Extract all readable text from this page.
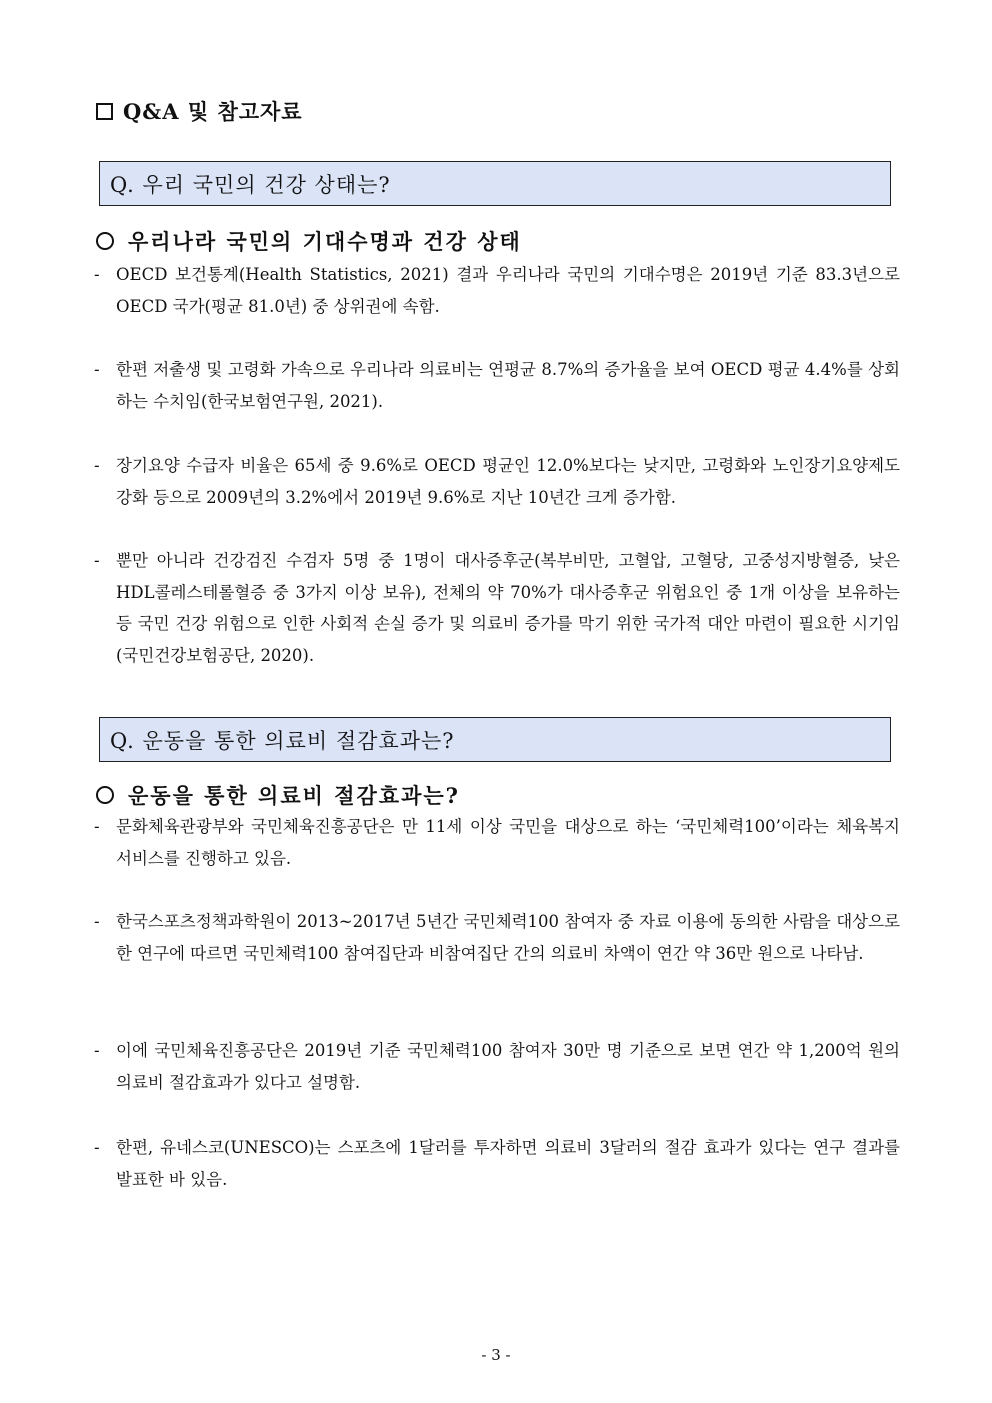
Q&A 및 참고자료
Q. 우리 국민의 건강 상태는?
우리나라 국민의 기대수명과 건강 상태
- OECD 보건통계(Health Statistics, 2021) 결과 우리나라 국민의 기대수명은 2019년 기준 83.3년으로 OECD 국가(평균 81.0년) 중 상위권에 속함.
- 한편 저출생 및 고령화 가속으로 우리나라 의료비는 연평균 8.7%의 증가율을 보여 OECD 평균 4.4%를 상회하는 수치임(한국보험연구원, 2021).
- 장기요양 수급자 비율은 65세 중 9.6%로 OECD 평균인 12.0%보다는 낮지만, 고령화와 노인장기요양제도 강화 등으로 2009년의 3.2%에서 2019년 9.6%로 지난 10년간 크게 증가함.
- 뿐만 아니라 건강검진 수검자 5명 중 1명이 대사증후군(복부비만, 고혈압, 고혈당, 고중성지방혈증, 낮은 HDL콜레스테롤혈증 중 3가지 이상 보유), 전체의 약 70%가 대사증후군 위험요인 중 1개 이상을 보유하는 등 국민 건강 위험으로 인한 사회적 손실 증가 및 의료비 증가를 막기 위한 국가적 대안 마련이 필요한 시기임(국민건강보험공단, 2020).
Q. 운동을 통한 의료비 절감효과는?
운동을 통한 의료비 절감효과는?
- 문화체육관광부와 국민체육진흥공단은 만 11세 이상 국민을 대상으로 하는 ‘국민체력100’이라는 체육복지 서비스를 진행하고 있음.
- 한국스포츠정책과학원이 2013~2017년 5년간 국민체력100 참여자 중 자료 이용에 동의한 사람을 대상으로 한 연구에 따르면 국민체력100 참여집단과 비참여집단 간의 의료비 차액이 연간 약 36만 원으로 나타남.
- 이에 국민체육진흥공단은 2019년 기준 국민체력100 참여자 30만 명 기준으로 보면 연간 약 1,200억 원의 의료비 절감효과가 있다고 설명함.
- 한편, 유네스코(UNESCO)는 스포츠에 1달러를 투자하면 의료비 3달러의 절감 효과가 있다는 연구 결과를 발표한 바 있음.
- 3 -
